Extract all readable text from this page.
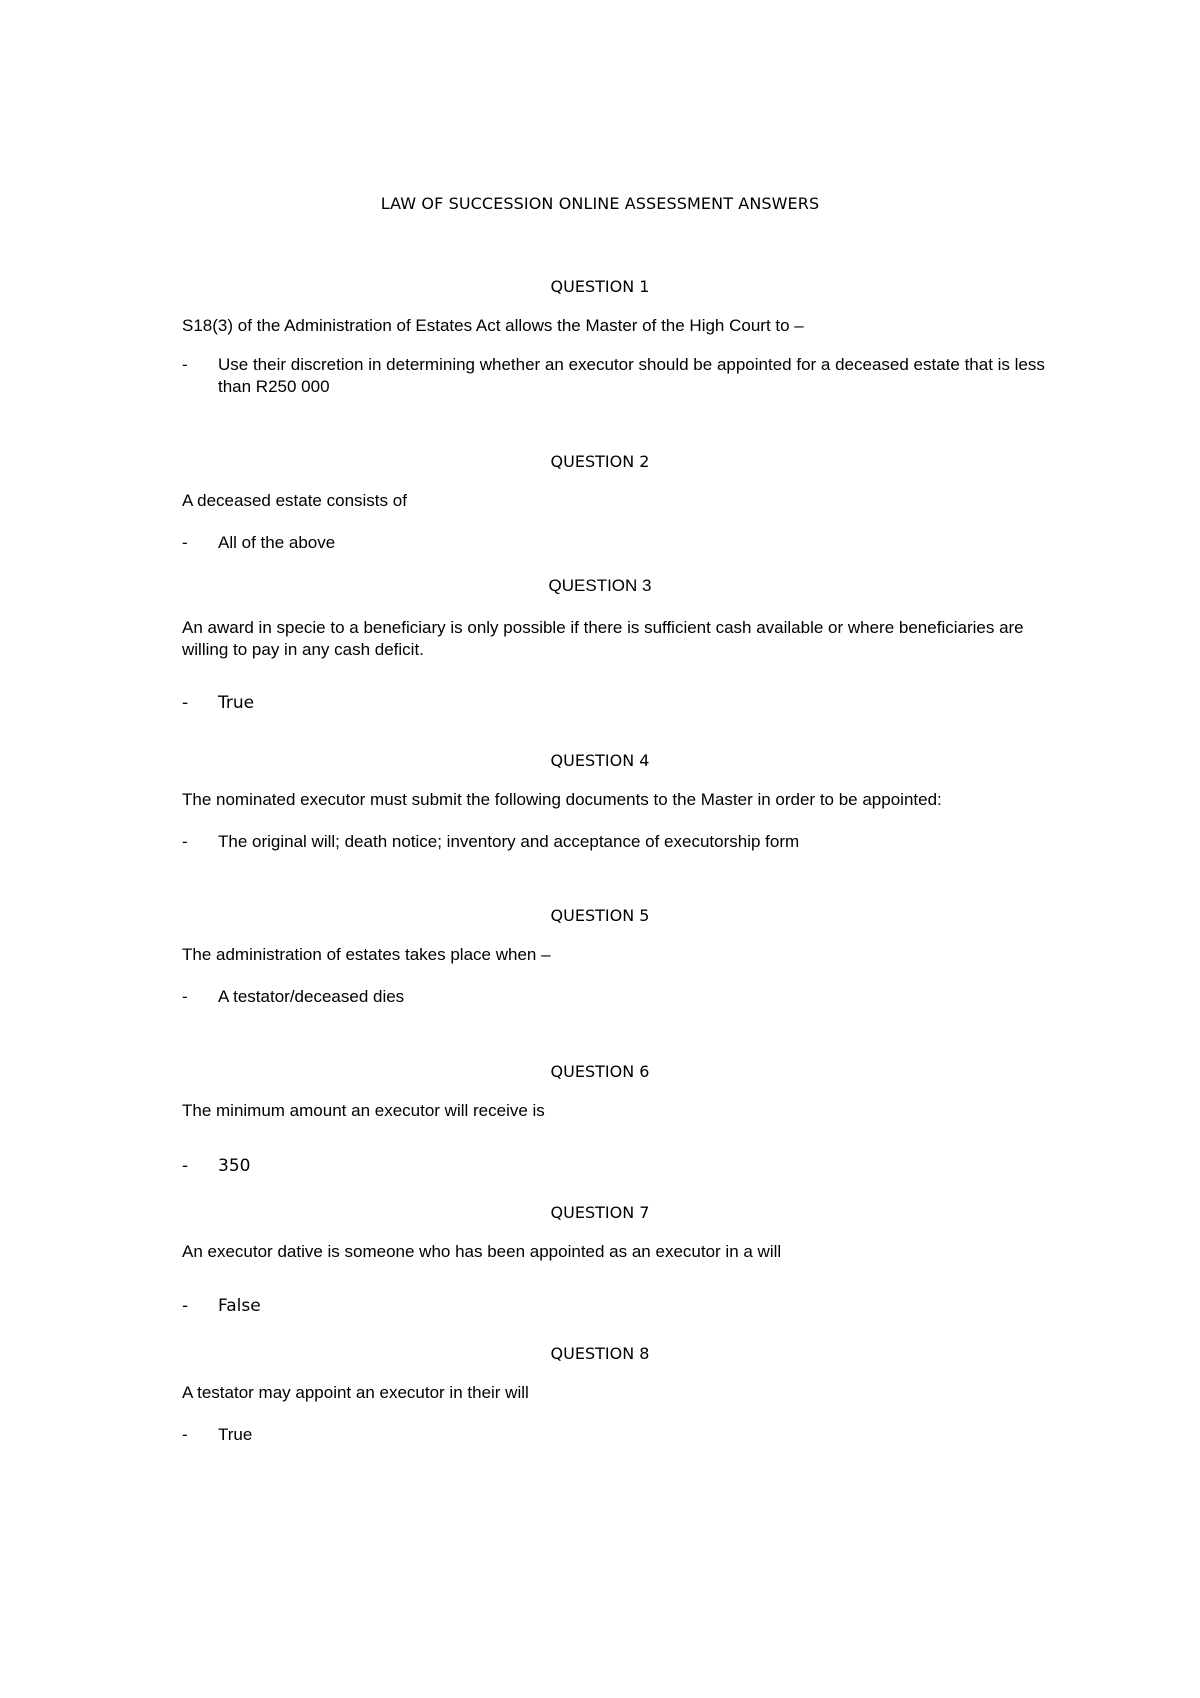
LAW OF SUCCESSION ONLINE ASSESSMENT ANSWERS
QUESTION 1

S18(3) of the Administration of Estates Act allows the Master of the High Court to –

-	Use their discretion in determining whether an executor should be appointed for a deceased estate that is less than R250 000
QUESTION 2

A deceased estate consists of

-	All of the above
QUESTION 3

An award in specie to a beneficiary is only possible if there is sufficient cash available or where beneficiaries are willing to pay in any cash deficit.

-	True
QUESTION 4

The nominated executor must submit the following documents to the Master in order to be appointed:

-	The original will; death notice; inventory and acceptance of executorship form
QUESTION 5

The administration of estates takes place when –

-	A testator/deceased dies
QUESTION 6

The minimum amount an executor will receive is

-	350
QUESTION 7

An executor dative is someone who has been appointed as an executor in a will

-	False
QUESTION 8

A testator may appoint an executor in their will

-	True
